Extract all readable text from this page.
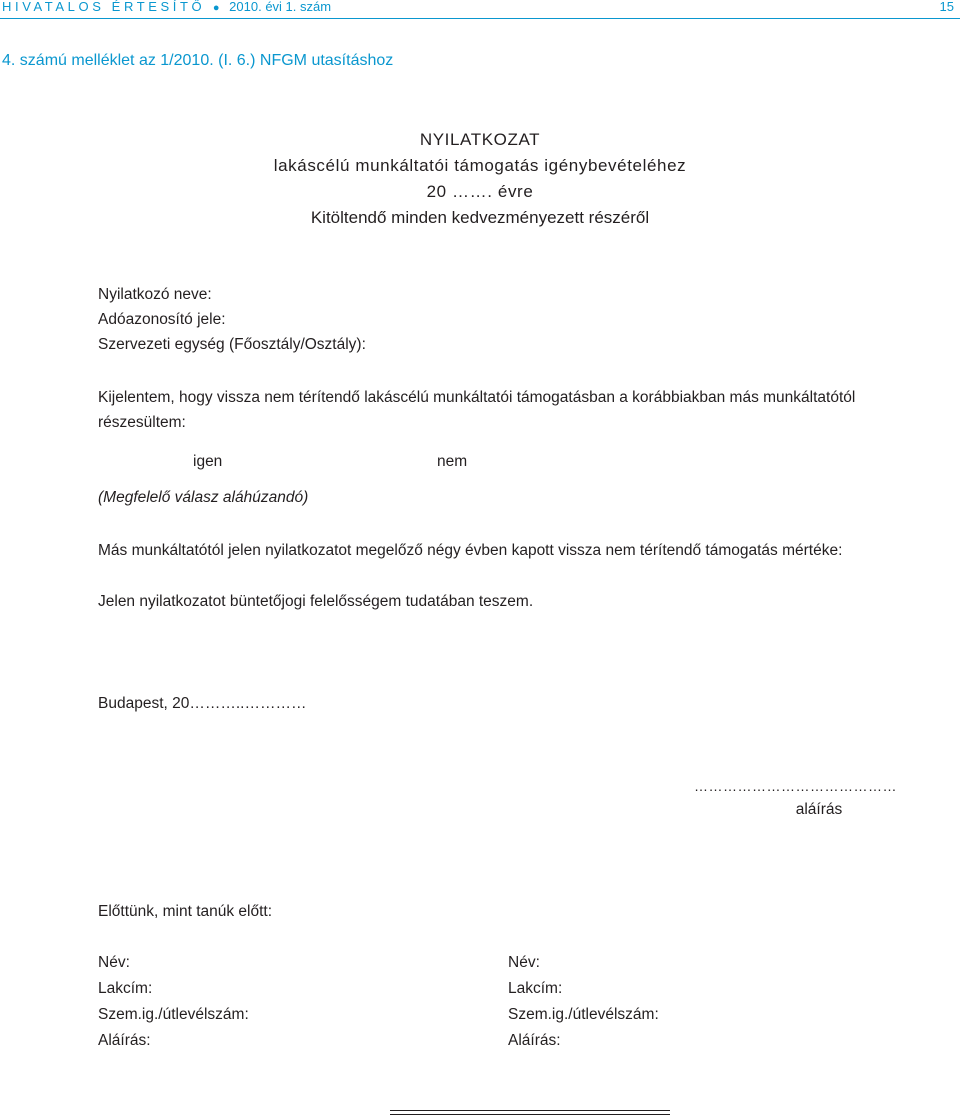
HIVATALOS ÉRTESÍTŐ ● 2010. évi 1. szám	15
4. számú melléklet az 1/2010. (I. 6.) NFGM utasításhoz
NYILATKOZAT
lakáscélú munkáltatói támogatás igénybevételéhez
20 ……. évre
Kitöltendő minden kedvezményezett részéről
Nyilatkozó neve:
Adóazonosító jele:
Szervezeti egység (Főosztály/Osztály):
Kijelentem, hogy vissza nem térítendő lakáscélú munkáltatói támogatásban a korábbiakban más munkáltatótól
részesültem:
igen	nem
(Megfelelő válasz aláhúzandó)
Más munkáltatótól jelen nyilatkozatot megelőző négy évben kapott vissza nem térítendő támogatás mértéke:
Jelen nyilatkozatot büntetőjogi felelősségem tudatában teszem.
Budapest, 20………..…………
……………………………………
aláírás
Előttünk, mint tanúk előtt:
Név:
Lakcím:
Szem.ig./útlevélszám:
Aláírás:
Név:
Lakcím:
Szem.ig./útlevélszám:
Aláírás:
